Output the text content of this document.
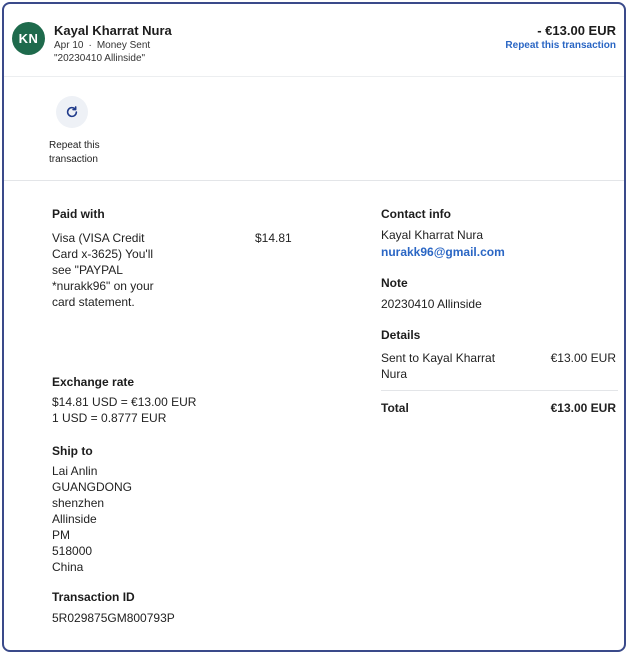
KN
Kayal Kharrat Nura
Apr 10 · Money Sent
"20230410 Allinside"
- €13.00 EUR
Repeat this transaction
Repeat this transaction
Paid with
Visa (VISA Credit Card x-3625) You'll see "PAYPAL *nurakk96" on your card statement.
$14.81
Exchange rate
$14.81 USD = €13.00 EUR
1 USD = 0.8777 EUR
Ship to
Lai Anlin
GUANGDONG
shenzhen
Allinside
PM
518000
China
Transaction ID
5R029875GM800793P
Contact info
Kayal Kharrat Nura
nurakk96@gmail.com
Note
20230410 Allinside
Details
Sent to Kayal Kharrat Nura
€13.00 EUR
Total	€13.00 EUR
